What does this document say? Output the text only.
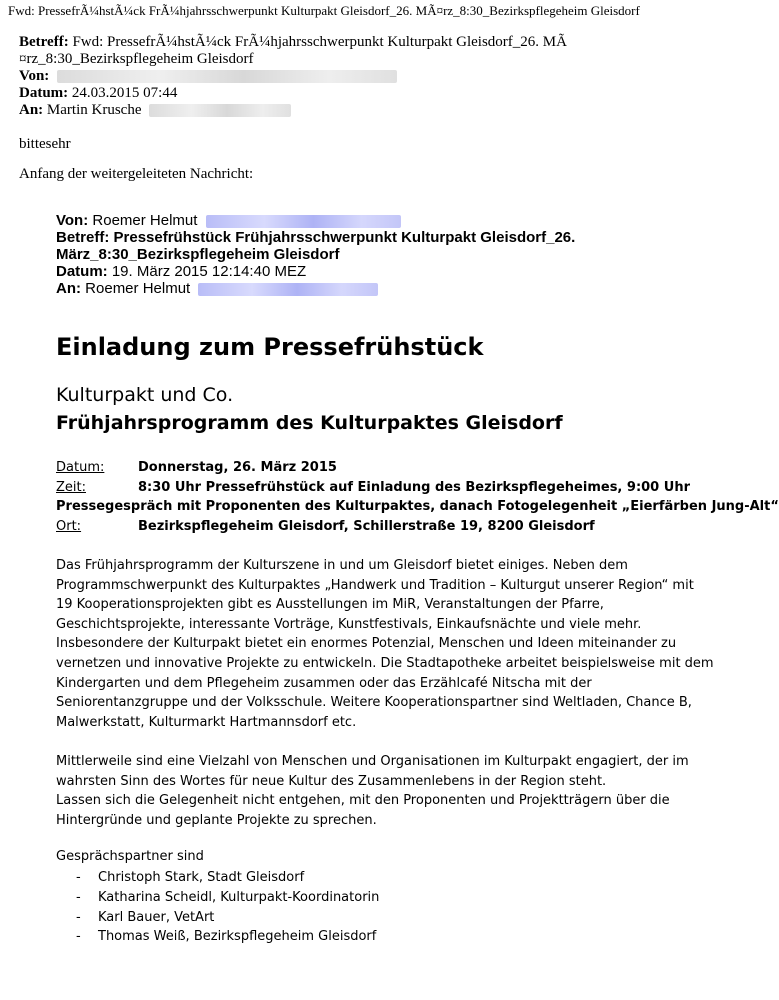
Fwd: PressefrÃ¼hstÃ¼ck FrÃ¼hjahrsschwerpunkt Kulturpakt Gleisdorf_26. MÃ¤rz_8:30_Bezirkspflegeheim Gleisdorf
Betreff: Fwd: PressefrÃ¼hstÃ¼ck FrÃ¼hjahrsschwerpunkt Kulturpakt Gleisdorf_26. MÃ
¤rz_8:30_Bezirkspflegeheim Gleisdorf
Von:
Datum: 24.03.2015 07:44
An: Martin Krusche
bittesehr
Anfang der weitergeleiteten Nachricht:
Von: Roemer Helmut
Betreff: Pressefrühstück Frühjahrsschwerpunkt Kulturpakt Gleisdorf_26.
März_8:30_Bezirkspflegeheim Gleisdorf
Datum: 19. März 2015 12:14:40 MEZ
An: Roemer Helmut
Einladung zum Pressefrühstück
Kulturpakt und Co.
Frühjahrsprogramm des Kulturpaktes Gleisdorf
Datum:	Donnerstag, 26. März 2015
Zeit:	8:30 Uhr Pressefrühstück auf Einladung des Bezirkspflegeheimes, 9:00 Uhr
Pressegespräch mit Proponenten des Kulturpaktes, danach Fotogelegenheit „Eierfärben Jung-Alt“
Ort:	Bezirkspflegeheim Gleisdorf, Schillerstraße 19, 8200 Gleisdorf
Das Frühjahrsprogramm der Kulturszene in und um Gleisdorf bietet einiges. Neben dem
Programmschwerpunkt des Kulturpaktes „Handwerk und Tradition – Kulturgut unserer Region“ mit
19 Kooperationsprojekten gibt es Ausstellungen im MiR, Veranstaltungen der Pfarre,
Geschichtsprojekte, interessante Vorträge, Kunstfestivals, Einkaufsnächte und viele mehr.
Insbesondere der Kulturpakt bietet ein enormes Potenzial, Menschen und Ideen miteinander zu
vernetzen und innovative Projekte zu entwickeln. Die Stadtapotheke arbeitet beispielsweise mit dem
Kindergarten und dem Pflegeheim zusammen oder das Erzählcafé Nitscha mit der
Seniorentanzgruppe und der Volksschule. Weitere Kooperationspartner sind Weltladen, Chance B,
Malwerkstatt, Kulturmarkt Hartmannsdorf etc.
Mittlerweile sind eine Vielzahl von Menschen und Organisationen im Kulturpakt engagiert, der im
wahrsten Sinn des Wortes für neue Kultur des Zusammenlebens in der Region steht.
Lassen sich die Gelegenheit nicht entgehen, mit den Proponenten und Projektträgern über die
Hintergründe und geplante Projekte zu sprechen.
Gesprächspartner sind
- Christoph Stark, Stadt Gleisdorf
- Katharina Scheidl, Kulturpakt-Koordinatorin
- Karl Bauer, VetArt
- Thomas Weiß, Bezirkspflegeheim Gleisdorf
